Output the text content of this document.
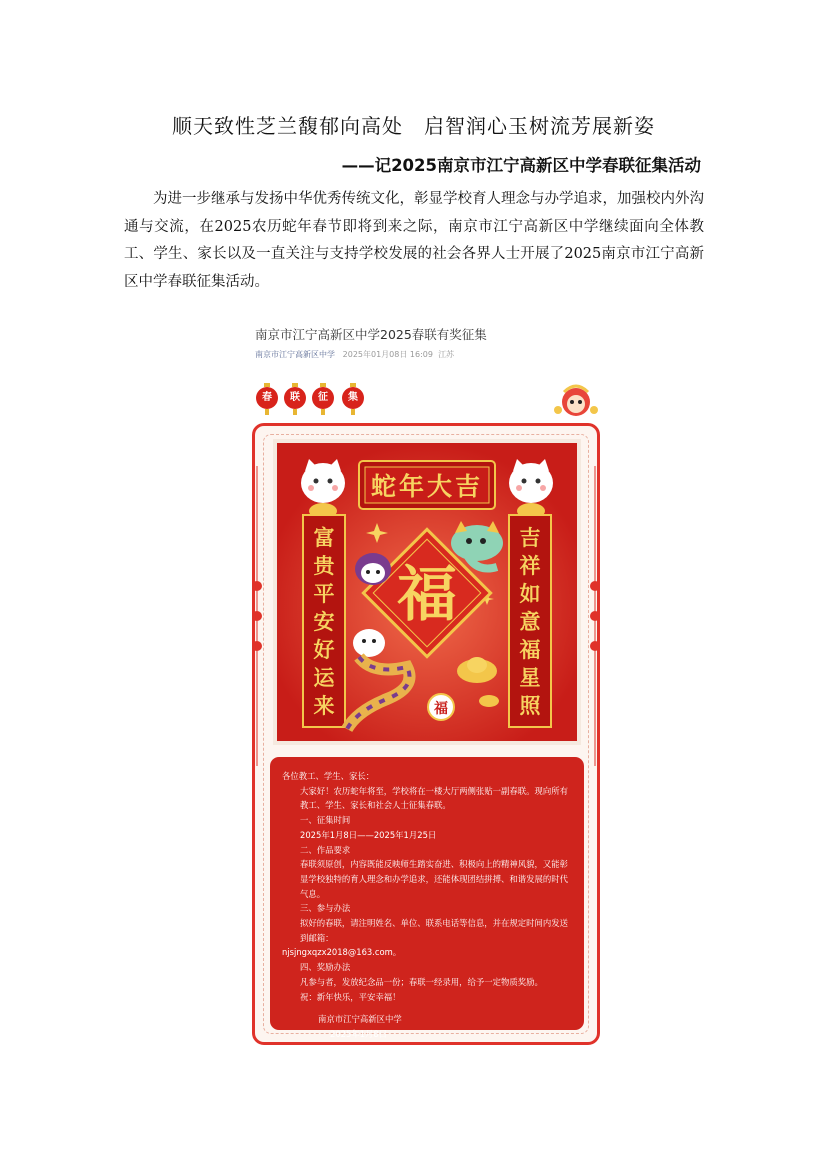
顺天致性芝兰馥郁向高处　启智润心玉树流芳展新姿
——记2025南京市江宁高新区中学春联征集活动

为进一步继承与发扬中华优秀传统文化，彰显学校育人理念与办学追求，加强校内外沟通与交流，在2025农历蛇年春节即将到来之际，南京市江宁高新区中学继续面向全体教工、学生、家长以及一直关注与支持学校发展的社会各界人士开展了2025南京市江宁高新区中学春联征集活动。

南京市江宁高新区中学2025春联有奖征集
南京市江宁高新区中学 2025年01月08日 16:09 江苏
春	联	征	集
蛇年大吉
富
贵
平
安
好
运
来
吉
祥
如
意
福
星
照
福
福

各位教工、学生、家长：

大家好！农历蛇年将至，学校将在一楼大厅两侧张贴一副春联。现向所有教工、学生、家长和社会人士征集春联。

一、征集时间

2025年1月8日——2025年1月25日

二、作品要求

春联须原创，内容既能反映师生踏实奋进、积极向上的精神风貌，又能彰显学校独特的育人理念和办学追求，还能体现团结拼搏、和谐发展的时代气息。

三、参与办法

拟好的春联，请注明姓名、单位、联系电话等信息，并在规定时间内发送到邮箱：

njsjngxqzx2018@163.com。

四、奖励办法

凡参与者，发放纪念品一份；春联一经录用，给予一定物质奖励。

祝：新年快乐，平安幸福！

南京市江宁高新区中学

2025年1月8日
